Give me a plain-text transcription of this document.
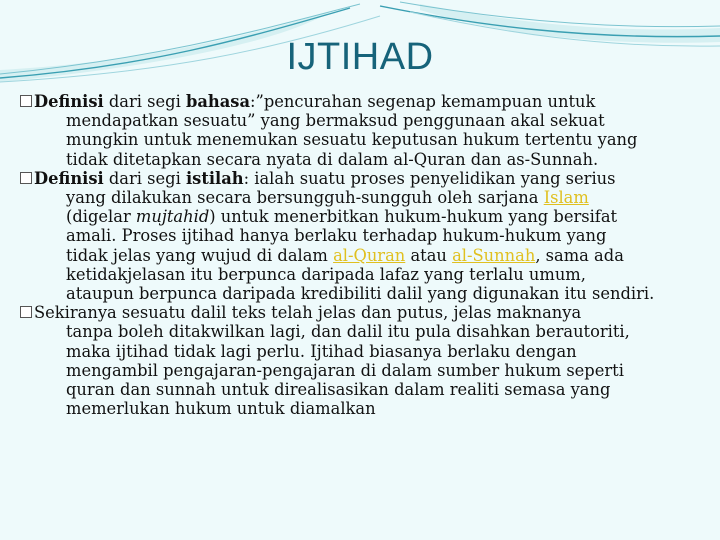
IJTIHAD
Definisi dari segi bahasa:”pencurahan segenap kemampuan untuk
mendapatkan sesuatu” yang bermaksud penggunaan akal sekuat
mungkin untuk menemukan sesuatu keputusan hukum tertentu yang
tidak ditetapkan secara nyata di dalam al-Quran dan as-Sunnah.
Definisi dari segi istilah: ialah suatu proses penyelidikan yang serius
yang dilakukan secara bersungguh-sungguh oleh sarjana Islam
(digelar mujtahid) untuk menerbitkan hukum-hukum yang bersifat
amali. Proses ijtihad hanya berlaku terhadap hukum-hukum yang
tidak jelas yang wujud di dalam al-Quran atau al-Sunnah, sama ada
ketidakjelasan itu berpunca daripada lafaz yang terlalu umum,
ataupun berpunca daripada kredibiliti dalil yang digunakan itu sendiri.
Sekiranya sesuatu dalil teks telah jelas dan putus, jelas maknanya
tanpa boleh ditakwilkan lagi, dan dalil itu pula disahkan berautoriti,
maka ijtihad tidak lagi perlu. Ijtihad biasanya berlaku dengan
mengambil pengajaran-pengajaran di dalam sumber hukum seperti
quran dan sunnah untuk direalisasikan dalam realiti semasa yang
memerlukan hukum untuk diamalkan
